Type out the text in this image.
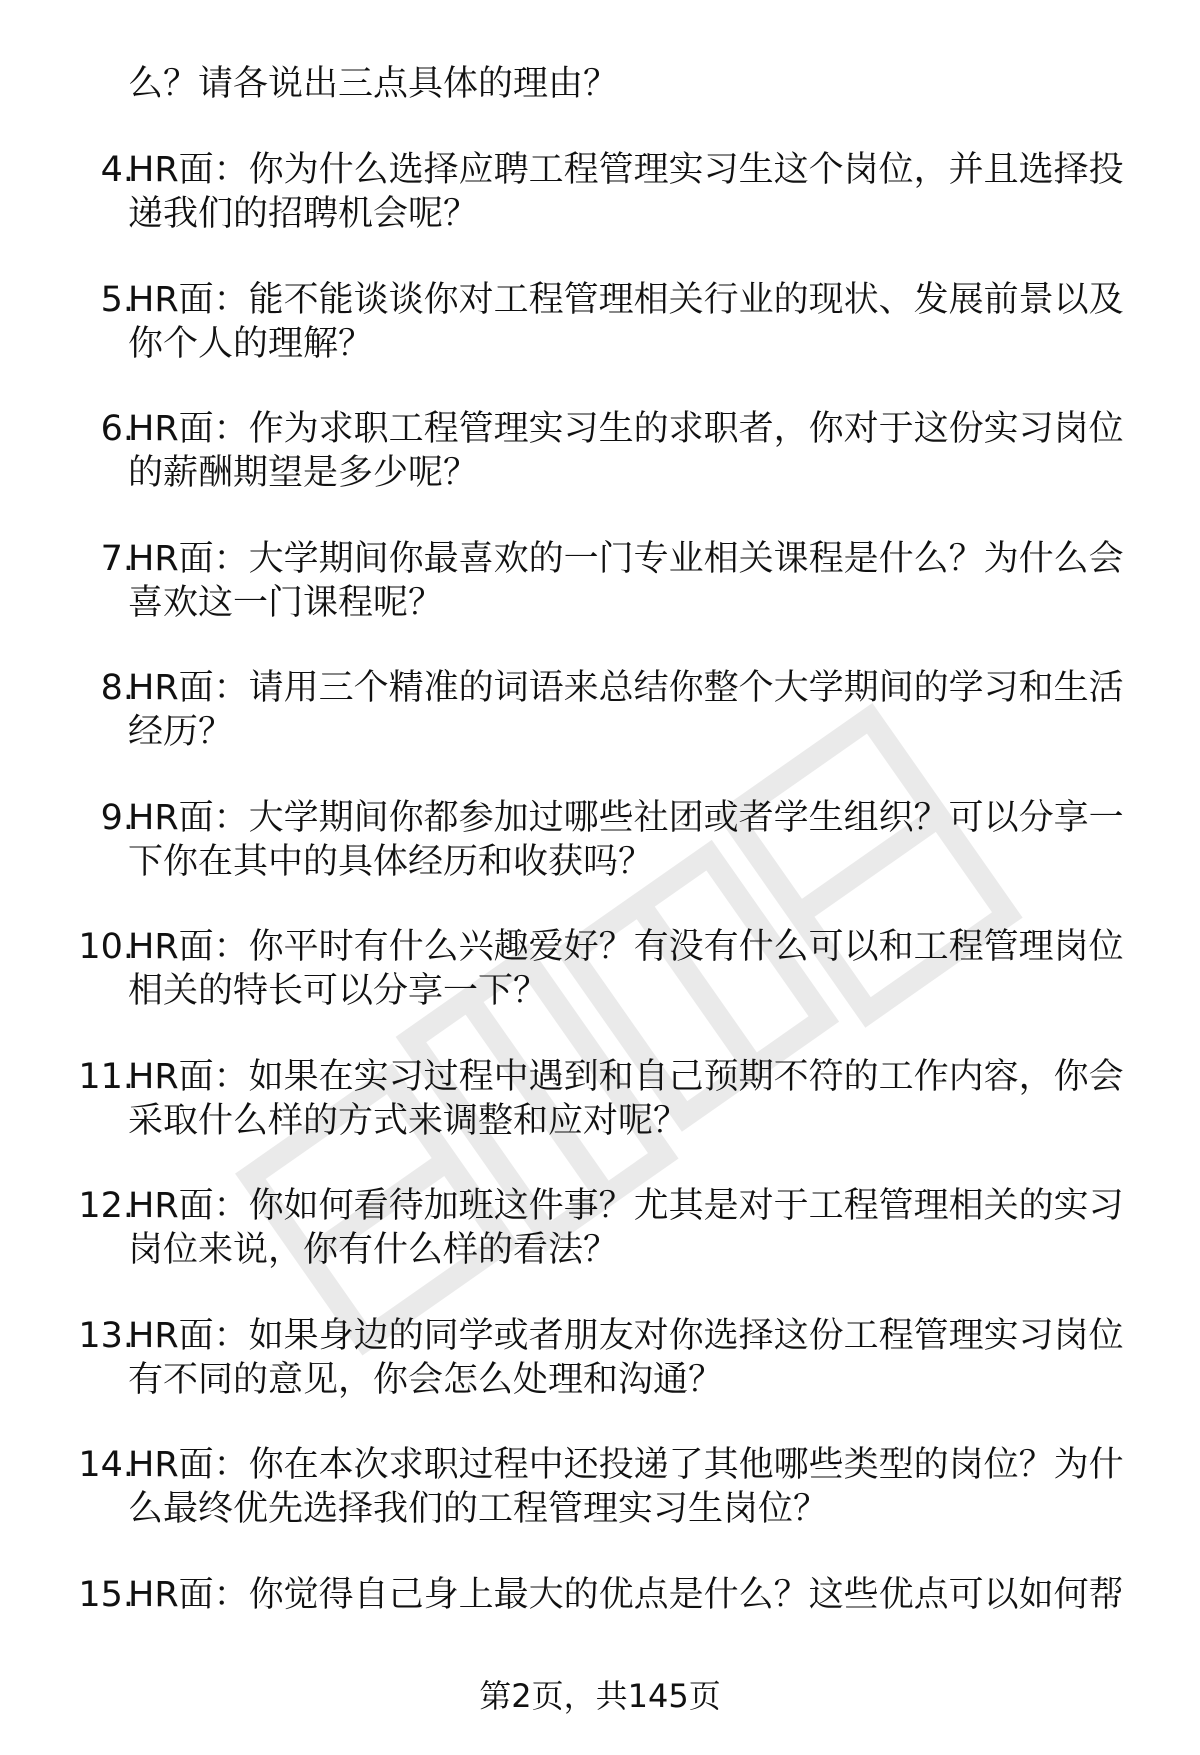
么？请各说出三点具体的理由？
4.
HR面：你为什么选择应聘工程管理实习生这个岗位，并且选择投
递我们的招聘机会呢？
5.
HR面：能不能谈谈你对工程管理相关行业的现状、发展前景以及
你个人的理解？
6.
HR面：作为求职工程管理实习生的求职者，你对于这份实习岗位
的薪酬期望是多少呢？
7.
HR面：大学期间你最喜欢的一门专业相关课程是什么？为什么会
喜欢这一门课程呢？
8.
HR面：请用三个精准的词语来总结你整个大学期间的学习和生活
经历？
9.
HR面：大学期间你都参加过哪些社团或者学生组织？可以分享一
下你在其中的具体经历和收获吗？
10.
HR面：你平时有什么兴趣爱好？有没有什么可以和工程管理岗位
相关的特长可以分享一下？
11.
HR面：如果在实习过程中遇到和自己预期不符的工作内容，你会
采取什么样的方式来调整和应对呢？
12.
HR面：你如何看待加班这件事？尤其是对于工程管理相关的实习
岗位来说，你有什么样的看法？
13.
HR面：如果身边的同学或者朋友对你选择这份工程管理实习岗位
有不同的意见，你会怎么处理和沟通？
14.
HR面：你在本次求职过程中还投递了其他哪些类型的岗位？为什
么最终优先选择我们的工程管理实习生岗位？
15.
HR面：你觉得自己身上最大的优点是什么？这些优点可以如何帮
第2页，共145页
